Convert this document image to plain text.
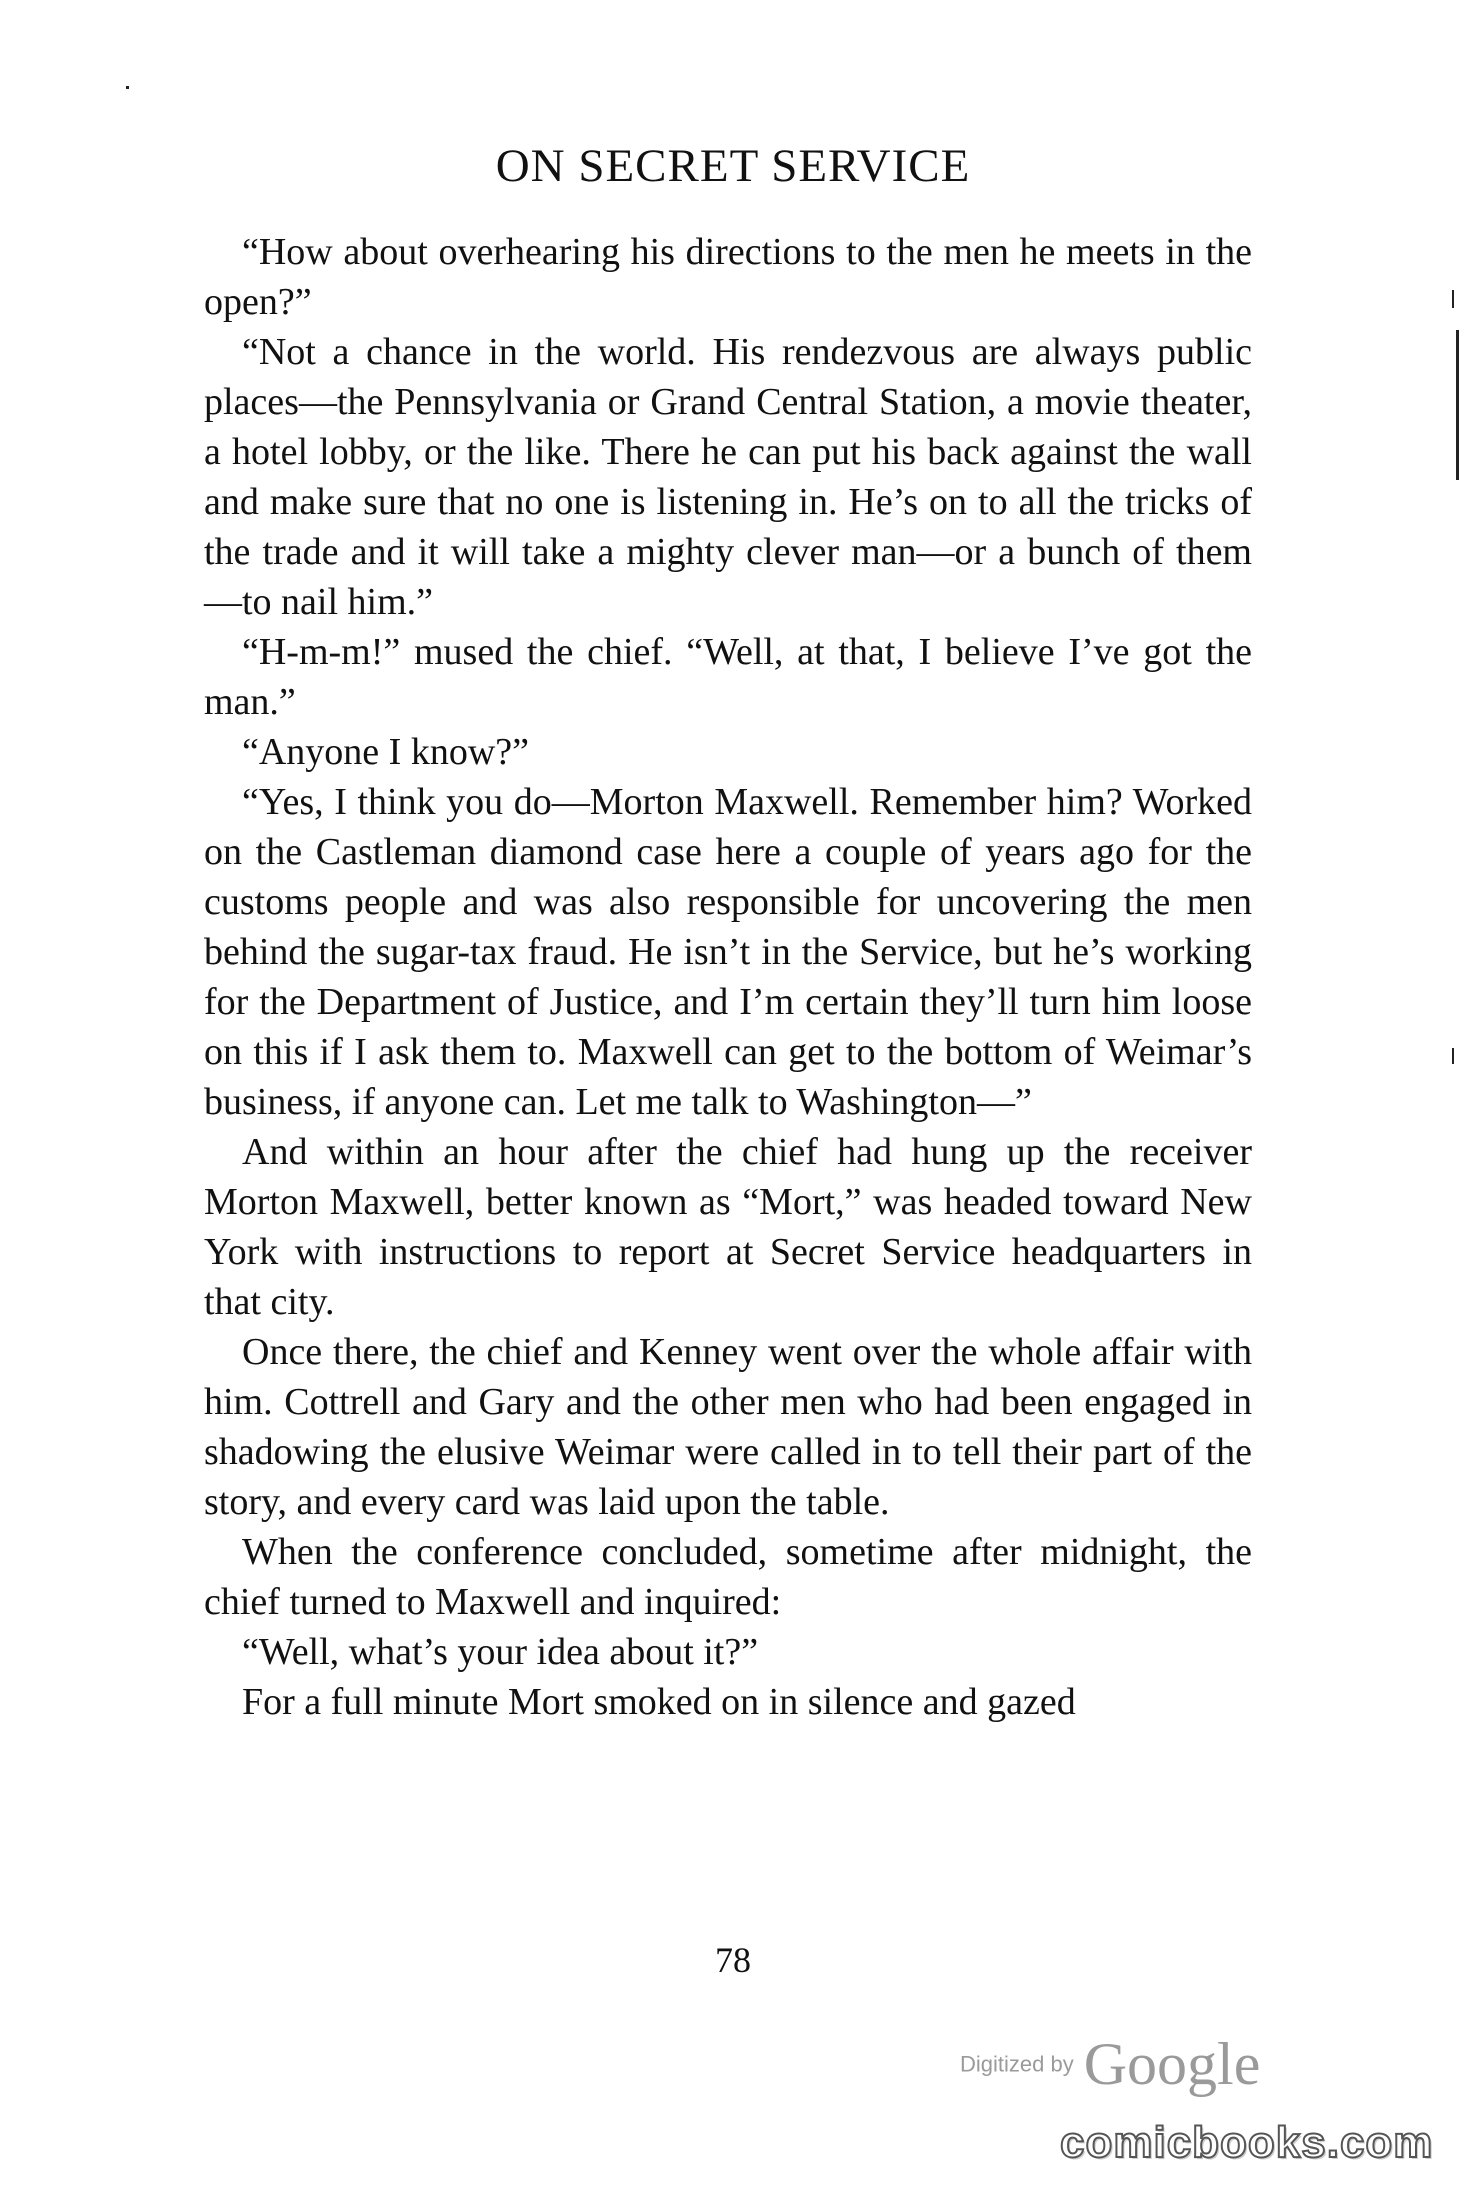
ON SECRET SERVICE

“How about overhearing his directions to the men he meets in the open?”

“Not a chance in the world. His rendezvous are always public places—the Pennsylvania or Grand Central Station, a movie theater, a hotel lobby, or the like. There he can put his back against the wall and make sure that no one is listening in. He’s on to all the tricks of the trade and it will take a mighty clever man—or a bunch of them—to nail him.”

“H-m-m!” mused the chief. “Well, at that, I believe I’ve got the man.”

“Anyone I know?”

“Yes, I think you do—Morton Maxwell. Remember him? Worked on the Castleman diamond case here a couple of years ago for the customs people and was also responsible for uncovering the men behind the sugar-tax fraud. He isn’t in the Service, but he’s working for the Department of Justice, and I’m certain they’ll turn him loose on this if I ask them to. Maxwell can get to the bottom of Weimar’s business, if anyone can. Let me talk to Washington—”

And within an hour after the chief had hung up the receiver Morton Maxwell, better known as “Mort,” was headed toward New York with instructions to report at Secret Service headquarters in that city.

Once there, the chief and Kenney went over the whole affair with him. Cottrell and Gary and the other men who had been engaged in shadowing the elusive Weimar were called in to tell their part of the story, and every card was laid upon the table.

When the conference concluded, sometime after midnight, the chief turned to Maxwell and inquired:

“Well, what’s your idea about it?”

For a full minute Mort smoked on in silence and gazed

78
Digitized by Google
comicbooks.com
